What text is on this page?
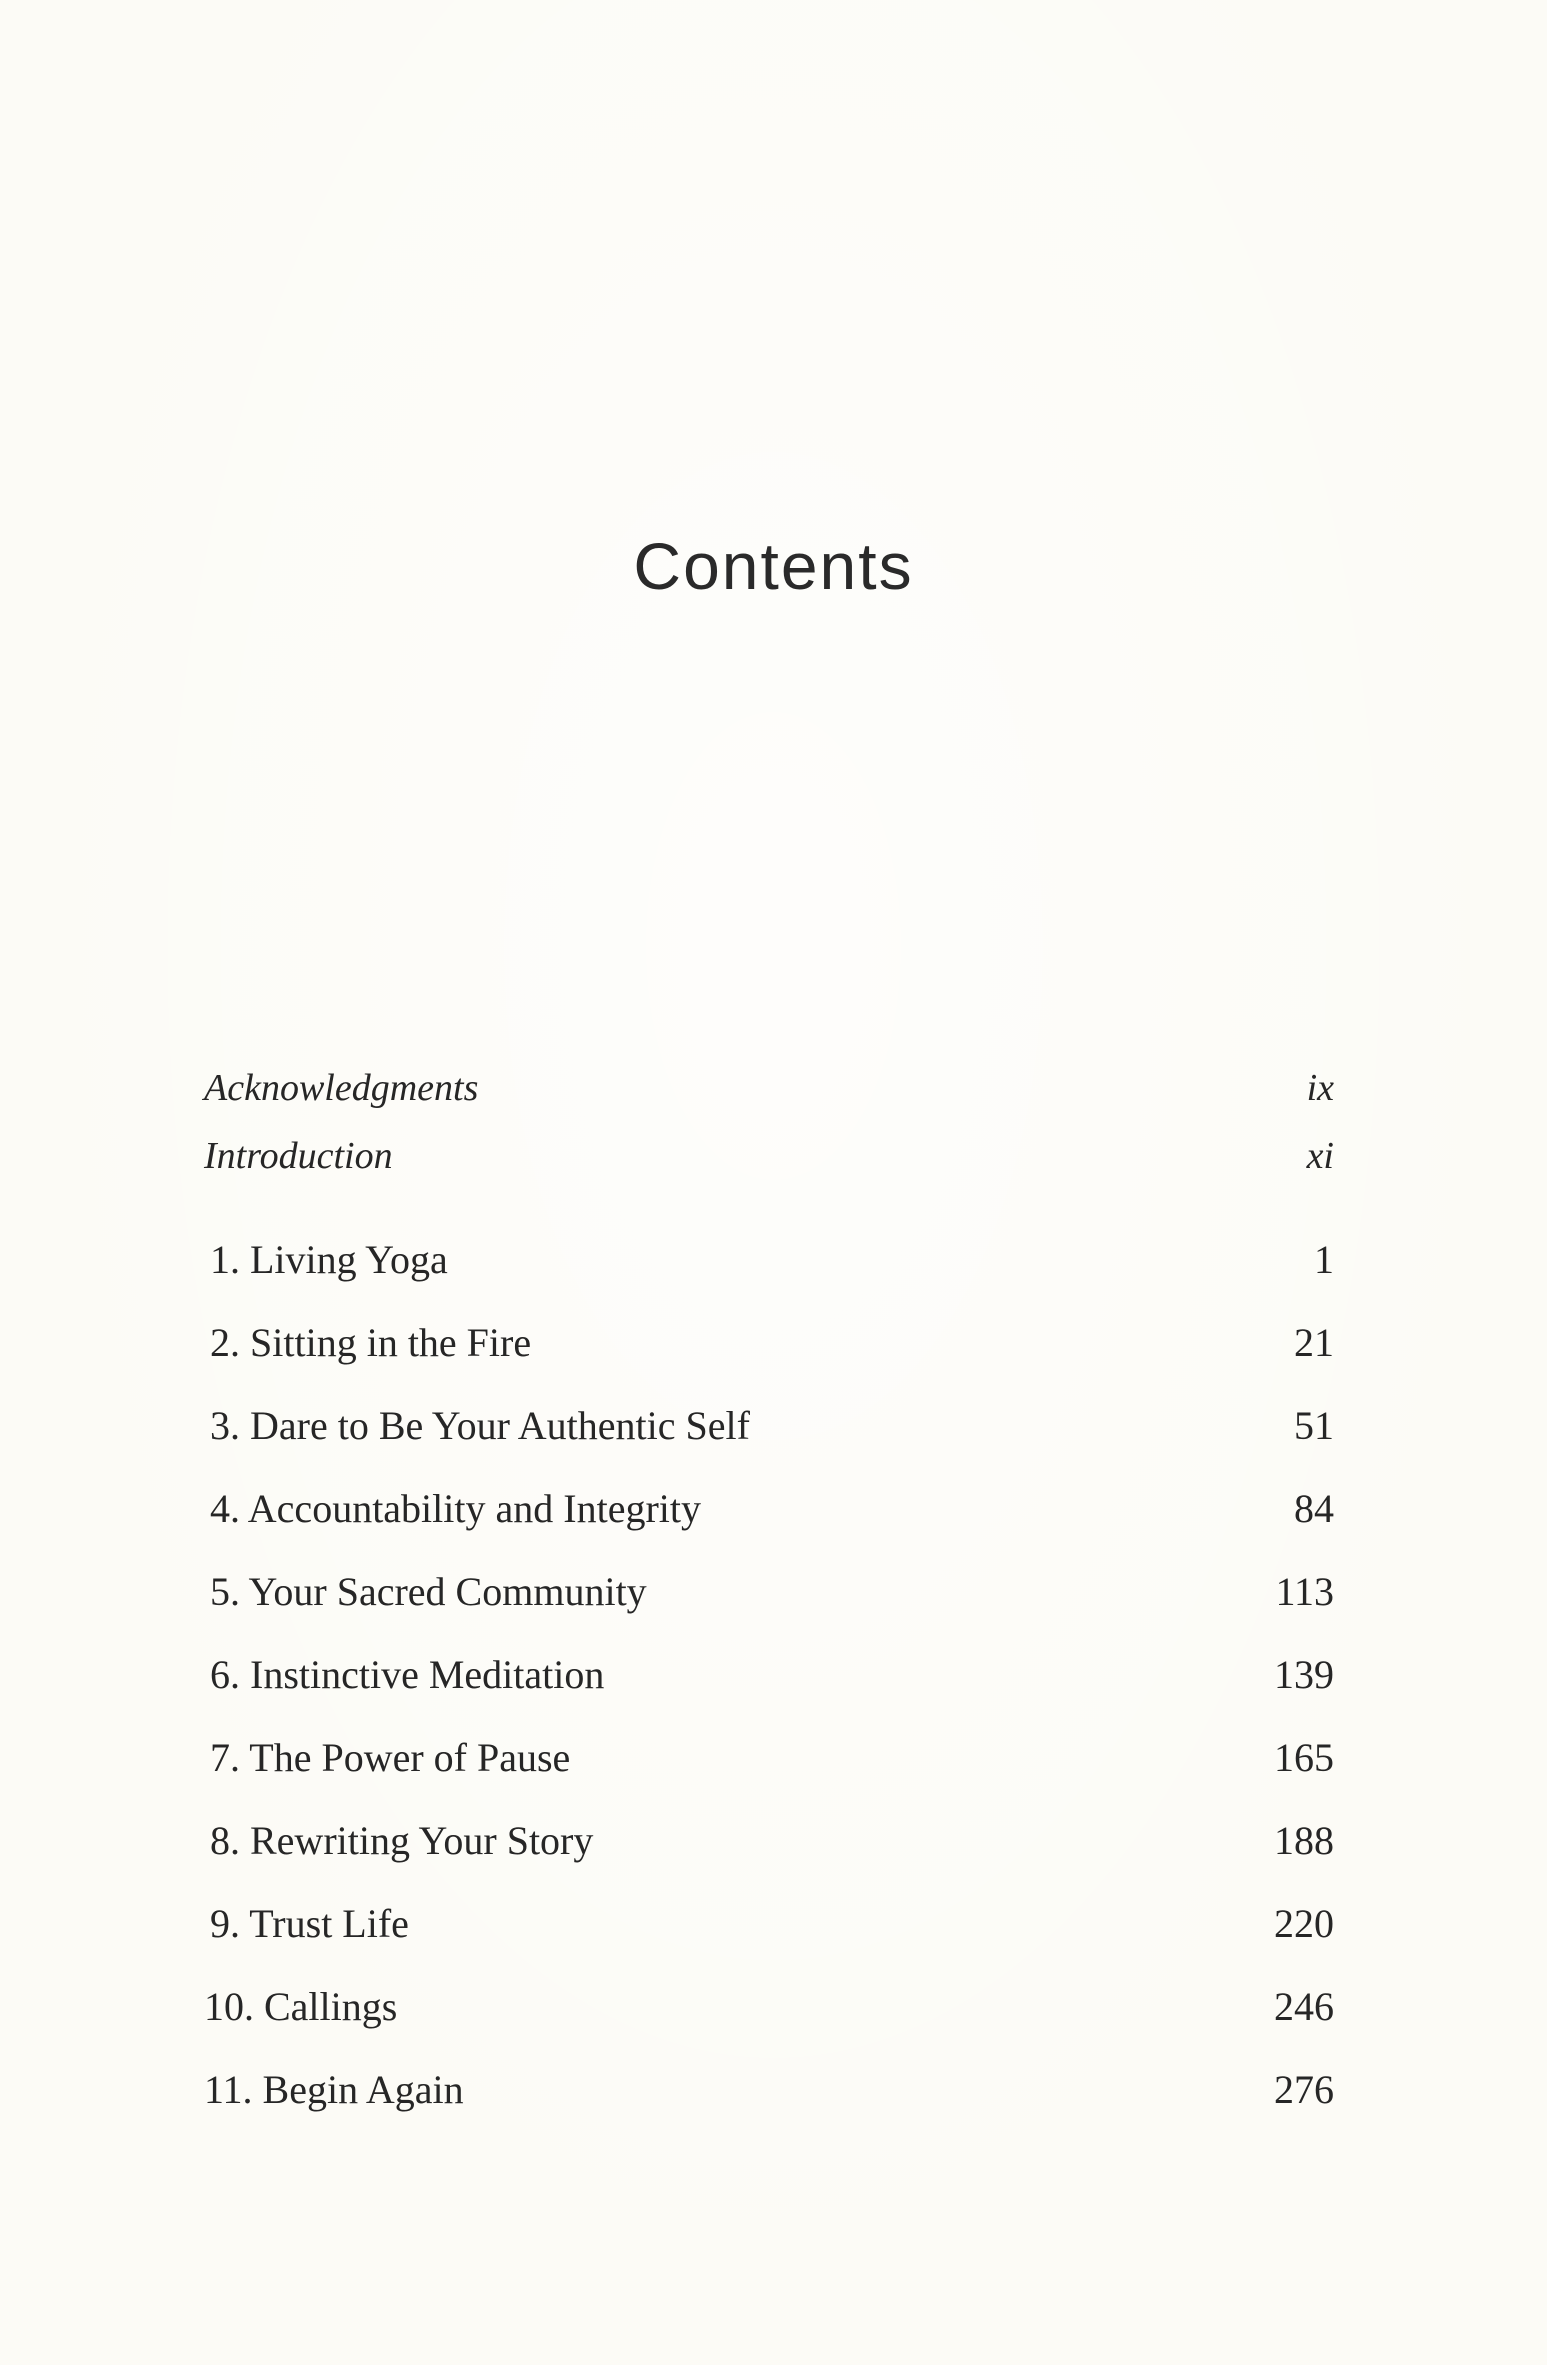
Contents
Acknowledgments	ix
Introduction	xi
1. Living Yoga	1
2. Sitting in the Fire	21
3. Dare to Be Your Authentic Self	51
4. Accountability and Integrity	84
5. Your Sacred Community	113
6. Instinctive Meditation	139
7. The Power of Pause	165
8. Rewriting Your Story	188
9. Trust Life	220
10. Callings	246
11. Begin Again	276
